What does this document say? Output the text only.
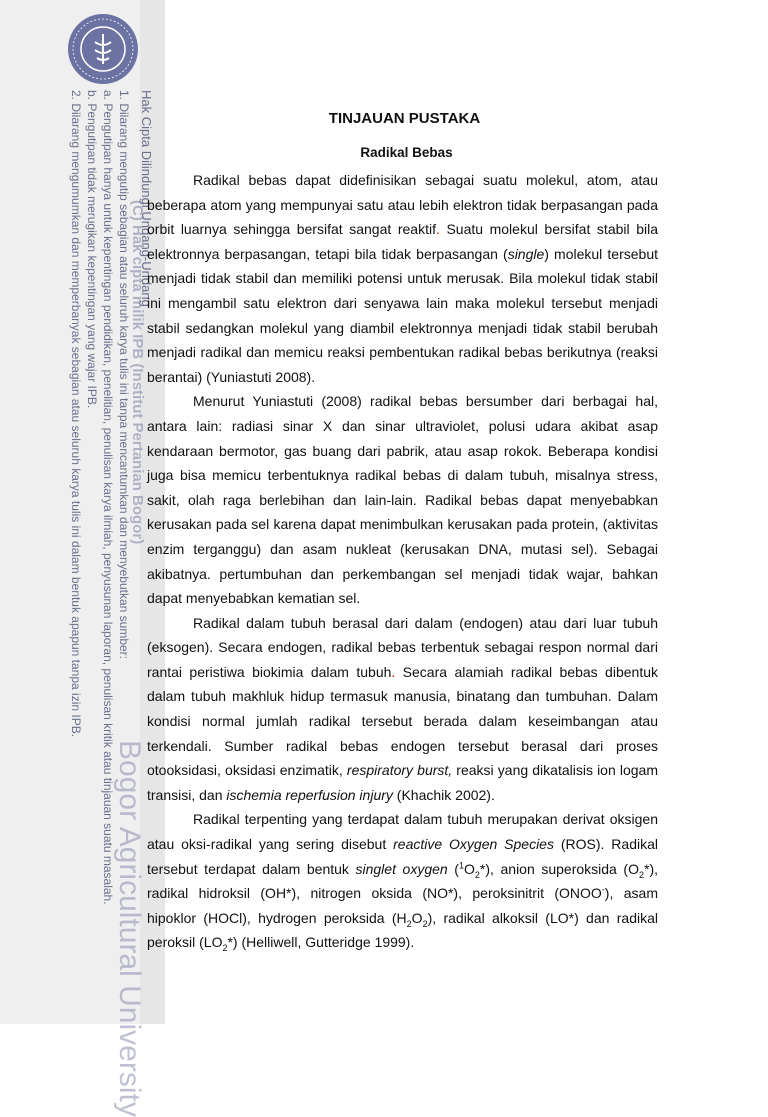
Hak Cipta Dilindungi Undang-Undang
1. Dilarang mengutip sebagian atau seluruh karya tulis ini tanpa mencantumkan dan menyebutkan sumber:
a. Pengutipan hanya untuk kepentingan pendidikan, penelitian, penulisan karya ilmiah, penyusunan laporan, penulisan kritik atau tinjauan suatu masalah.
b. Pengutipan tidak merugikan kepentingan yang wajar IPB.
2. Dilarang mengumumkan dan memperbanyak sebagian atau seluruh karya tulis ini dalam bentuk apapun tanpa izin IPB.	(C) Hak cipta milik IPB (Institut Pertanian Bogor)
Bogor Agricultural University
TINJAUAN PUSTAKA
Radikal Bebas

Radikal bebas dapat didefinisikan sebagai suatu molekul, atom, atau beberapa atom yang mempunyai satu atau lebih elektron tidak berpasangan pada orbit luarnya sehingga bersifat sangat reaktif. Suatu molekul bersifat stabil bila elektronnya berpasangan, tetapi bila tidak berpasangan (single) molekul tersebut menjadi tidak stabil dan memiliki potensi untuk merusak. Bila molekul tidak stabil ini mengambil satu elektron dari senyawa lain maka molekul tersebut menjadi stabil sedangkan molekul yang diambil elektronnya menjadi tidak stabil berubah menjadi radikal dan memicu reaksi pembentukan radikal bebas berikutnya (reaksi berantai) (Yuniastuti 2008).

Menurut Yuniastuti (2008) radikal bebas bersumber dari berbagai hal, antara lain: radiasi sinar X dan sinar ultraviolet, polusi udara akibat asap kendaraan bermotor, gas buang dari pabrik, atau asap rokok. Beberapa kondisi juga bisa memicu terbentuknya radikal bebas di dalam tubuh, misalnya stress, sakit, olah raga berlebihan dan lain-lain. Radikal bebas dapat menyebabkan kerusakan pada sel karena dapat menimbulkan kerusakan pada protein, (aktivitas enzim terganggu) dan asam nukleat (kerusakan DNA, mutasi sel). Sebagai akibatnya. pertumbuhan dan perkembangan sel menjadi tidak wajar, bahkan dapat menyebabkan kematian sel.

Radikal dalam tubuh berasal dari dalam (endogen) atau dari luar tubuh (eksogen). Secara endogen, radikal bebas terbentuk sebagai respon normal dari rantai peristiwa biokimia dalam tubuh. Secara alamiah radikal bebas dibentuk dalam tubuh makhluk hidup termasuk manusia, binatang dan tumbuhan. Dalam kondisi normal jumlah radikal tersebut berada dalam keseimbangan atau terkendali. Sumber radikal bebas endogen tersebut berasal dari proses otooksidasi, oksidasi enzimatik, respiratory burst, reaksi yang dikatalisis ion logam transisi, dan ischemia reperfusion injury (Khachik 2002).

Radikal terpenting yang terdapat dalam tubuh merupakan derivat oksigen atau oksi-radikal yang sering disebut reactive Oxygen Species (ROS). Radikal tersebut terdapat dalam bentuk singlet oxygen $(^1O_2*)$, anion superoksida $(O_2*)$, radikal hidroksil (OH*), nitrogen oksida (NO*), peroksinitrit (ONOO-), asam hipoklor (HOCl), hydrogen peroksida $(H_2O_2)$, radikal alkoksil (LO*) dan radikal peroksil $(LO_2*)$ (Helliwell, Gutteridge 1999).
